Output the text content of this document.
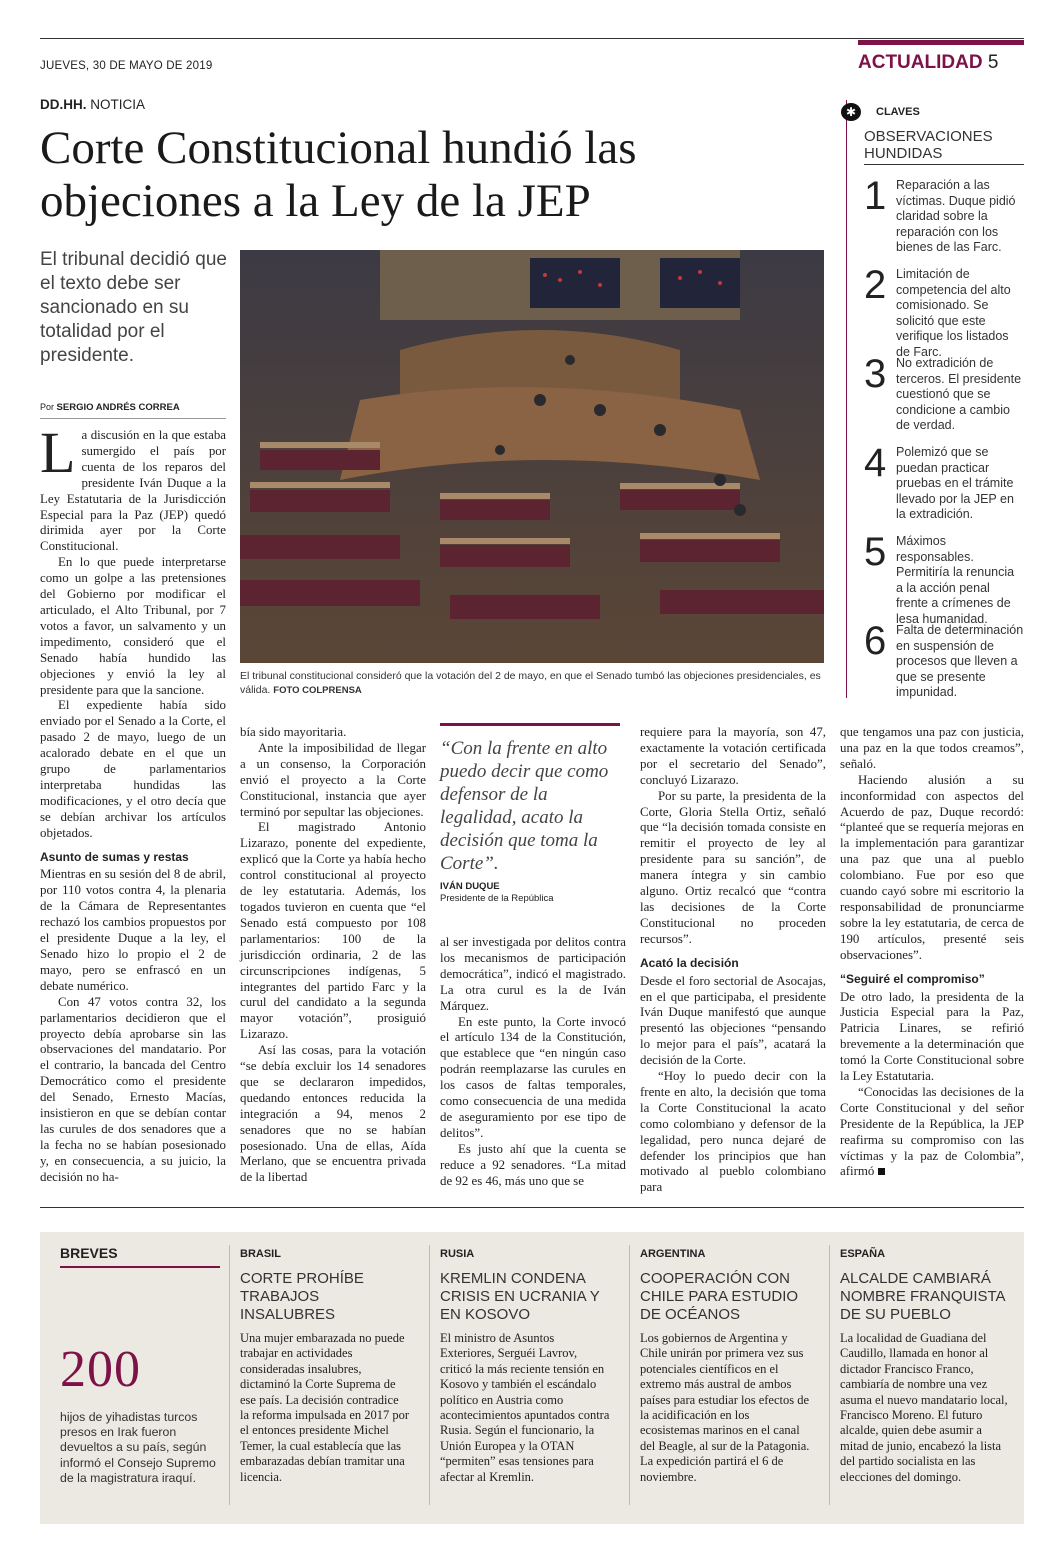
JUEVES, 30 DE MAYO DE 2019	ACTUALIDAD 5
DD.HH. NOTICIA
Corte Constitucional hundió las objeciones a la Ley de la JEP
El tribunal decidió que el texto debe ser sancionado en su totalidad por el presidente.
Por SERGIO ANDRÉS CORREA
El tribunal constitucional consideró que la votación del 2 de mayo, en que el Senado tumbó las objeciones presidenciales, es válida. FOTO COLPRENSA

La discusión en la que estaba sumergido el país por cuenta de los reparos del presidente Iván Duque a la Ley Estatutaria de la Jurisdicción Especial para la Paz (JEP) quedó dirimida ayer por la Corte Constitucional.

En lo que puede interpretarse como un golpe a las pretensiones del Gobierno por modificar el articulado, el Alto Tribunal, por 7 votos a favor, un salvamento y un impedimento, consideró que el Senado había hundido las objeciones y envió la ley al presidente para que la sancione.

El expediente había sido enviado por el Senado a la Corte, el pasado 2 de mayo, luego de un acalorado debate en el que un grupo de parlamentarios interpretaba hundidas las modificaciones, y el otro decía que se debían archivar los artículos objetados.

Asunto de sumas y restas

Mientras en su sesión del 8 de abril, por 110 votos contra 4, la plenaria de la Cámara de Representantes rechazó los cambios propuestos por el presidente Duque a la ley, el Senado hizo lo propio el 2 de mayo, pero se enfrascó en un debate numérico.

Con 47 votos contra 32, los parlamentarios decidieron que el proyecto debía aprobarse sin las observaciones del mandatario. Por el contrario, la bancada del Centro Democrático como el presidente del Senado, Ernesto Macías, insistieron en que se debían contar las curules de dos senadores que a la fecha no se habían posesionado y, en consecuencia, a su juicio, la decisión no ha-

bía sido mayoritaria.

Ante la imposibilidad de llegar a un consenso, la Corporación envió el proyecto a la Corte Constitucional, instancia que ayer terminó por sepultar las objeciones.

El magistrado Antonio Lizarazo, ponente del expediente, explicó que la Corte ya había hecho control constitucional al proyecto de ley estatutaria. Además, los togados tuvieron en cuenta que “el Senado está compuesto por 108 parlamentarios: 100 de la jurisdicción ordinaria, 2 de las circunscripciones indígenas, 5 integrantes del partido Farc y la curul del candidato a la segunda mayor votación”, prosiguió Lizarazo.

Así las cosas, para la votación “se debía excluir los 14 senadores que se declararon impedidos, quedando entonces reducida la integración a 94, menos 2 senadores que no se habían posesionado. Una de ellas, Aída Merlano, que se encuentra privada de la libertad

“Con la frente en alto puedo decir que como defensor de la legalidad, acato la decisión que toma la Corte”.
IVÁN DUQUE
Presidente de la República

al ser investigada por delitos contra los mecanismos de participación democrática”, indicó el magistrado. La otra curul es la de Iván Márquez.

En este punto, la Corte invocó el artículo 134 de la Constitución, que establece que “en ningún caso podrán reemplazarse las curules en los casos de faltas temporales, como consecuencia de una medida de aseguramiento por ese tipo de delitos”.

Es justo ahí que la cuenta se reduce a 92 senadores. “La mitad de 92 es 46, más uno que se

requiere para la mayoría, son 47, exactamente la votación certificada por el secretario del Senado”, concluyó Lizarazo.

Por su parte, la presidenta de la Corte, Gloria Stella Ortiz, señaló que “la decisión tomada consiste en remitir el proyecto de ley al presidente para su sanción”, de manera íntegra y sin cambio alguno. Ortiz recalcó que “contra las decisiones de la Corte Constitucional no proceden recursos”.

Acató la decisión

Desde el foro sectorial de Asocajas, en el que participaba, el presidente Iván Duque manifestó que aunque presentó las objeciones “pensando lo mejor para el país”, acatará la decisión de la Corte.

“Hoy lo puedo decir con la frente en alto, la decisión que toma la Corte Constitucional la acato como colombiano y defensor de la legalidad, pero nunca dejaré de defender los principios que han motivado al pueblo colombiano para

que tengamos una paz con justicia, una paz en la que todos creamos”, señaló.

Haciendo alusión a su inconformidad con aspectos del Acuerdo de paz, Duque recordó: “planteé que se requería mejoras en la implementación para garantizar una paz que una al pueblo colombiano. Fue por eso que cuando cayó sobre mi escritorio la responsabilidad de pronunciarme sobre la ley estatutaria, de cerca de 190 artículos, presenté seis observaciones”.

“Seguiré el compromiso”

De otro lado, la presidenta de la Justicia Especial para la Paz, Patricia Linares, se refirió brevemente a la determinación que tomó la Corte Constitucional sobre la Ley Estatutaria.

“Conocidas las decisiones de la Corte Constitucional y del señor Presidente de la República, la JEP reafirma su compromiso con las víctimas y la paz de Colombia”, afirmó

✱	CLAVES
OBSERVACIONES HUNDIDAS
1 Reparación a las víctimas. Duque pidió claridad sobre la reparación con los bienes de las Farc.
2 Limitación de competencia del alto comisionado. Se solicitó que este verifique los listados de Farc.
3 No extradición de terceros. El presidente cuestionó que se condicione a cambio de verdad.
4 Polemizó que se puedan practicar pruebas en el trámite llevado por la JEP en la extradición.
5 Máximos responsables. Permitiría la renuncia a la acción penal frente a crímenes de lesa humanidad.
6 Falta de determinación en suspensión de procesos que lleven a que se presente impunidad.
BREVES
200
hijos de yihadistas turcos presos en Irak fueron devueltos a su país, según informó el Consejo Supremo de la magistratura iraquí.
BRASIL
CORTE PROHÍBE TRABAJOS INSALUBRES
Una mujer embarazada no puede trabajar en actividades consideradas insalubres, dictaminó la Corte Suprema de ese país. La decisión contradice la reforma impulsada en 2017 por el entonces presidente Michel Temer, la cual establecía que las embarazadas debían tramitar una licencia.
RUSIA
KREMLIN CONDENA CRISIS EN UCRANIA Y EN KOSOVO
El ministro de Asuntos Exteriores, Serguéi Lavrov, criticó la más reciente tensión en Kosovo y también el escándalo político en Austria como acontecimientos apuntados contra Rusia. Según el funcionario, la Unión Europea y la OTAN “permiten” esas tensiones para afectar al Kremlin.
ARGENTINA
COOPERACIÓN CON CHILE PARA ESTUDIO DE OCÉANOS
Los gobiernos de Argentina y Chile unirán por primera vez sus potenciales científicos en el extremo más austral de ambos países para estudiar los efectos de la acidificación en los ecosistemas marinos en el canal del Beagle, al sur de la Patagonia. La expedición partirá el 6 de noviembre.
ESPAÑA
ALCALDE CAMBIARÁ NOMBRE FRANQUISTA DE SU PUEBLO
La localidad de Guadiana del Caudillo, llamada en honor al dictador Francisco Franco, cambiaría de nombre una vez asuma el nuevo mandatario local, Francisco Moreno. El futuro alcalde, quien debe asumir a mitad de junio, encabezó la lista del partido socialista en las elecciones del domingo.
